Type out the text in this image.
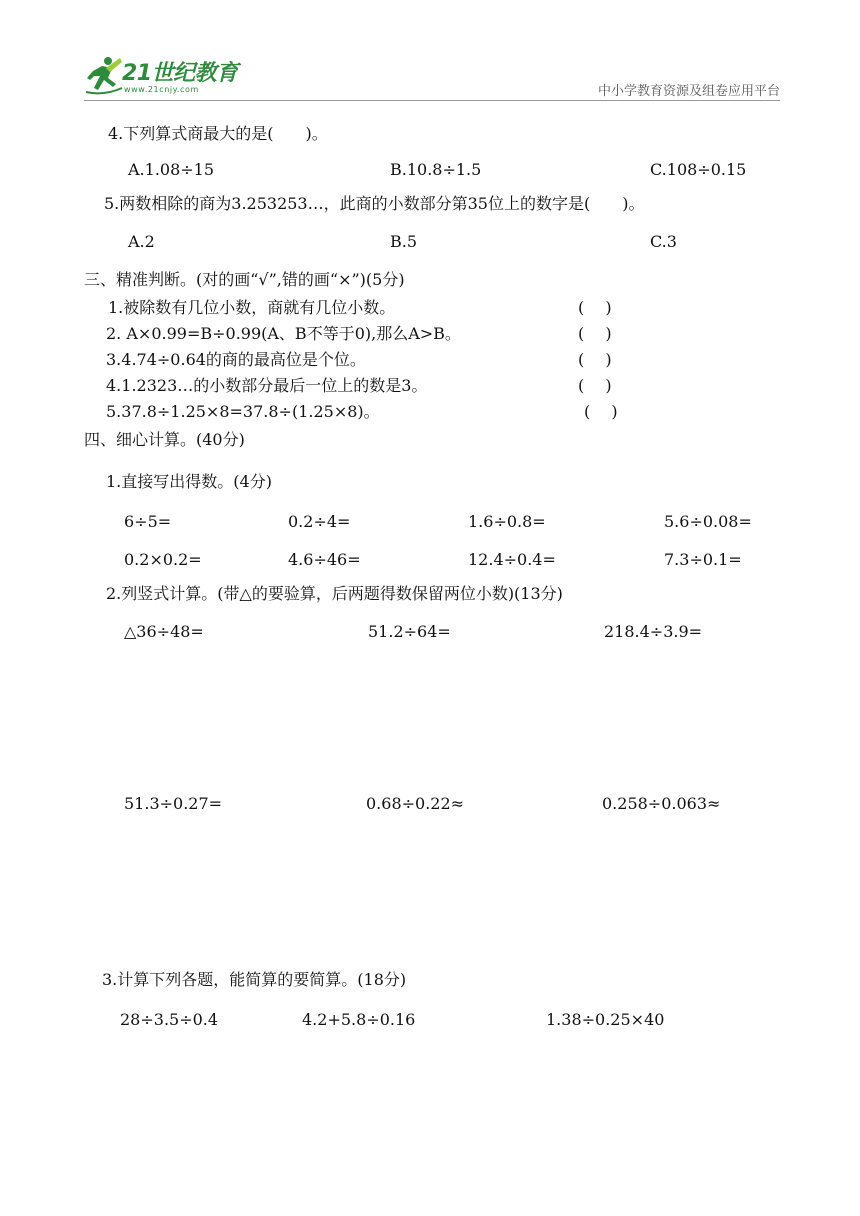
21世纪教育
www.21cnjy.com	中小学教育资源及组卷应用平台
4.下列算式商最大的是(　　)。
A.1.08÷15	B.10.8÷1.5	C.108÷0.15
5.两数相除的商为3.253253…，此商的小数部分第35位上的数字是(　　)。
A.2	B.5	C.3
三、精准判断。(对的画“√”,错的画“×”)(5分)
1.被除数有几位小数，商就有几位小数。	(　 )
2. A×0.99=B÷0.99(A、B不等于0),那么A>B。	(　 )
3.4.74÷0.64的商的最高位是个位。	(　 )
4.1.2323…的小数部分最后一位上的数是3。	(　 )
5.37.8÷1.25×8=37.8÷(1.25×8)。	(　 )
四、细心计算。(40分)
1.直接写出得数。(4分)
6÷5=	0.2÷4=	1.6÷0.8=	5.6÷0.08=
0.2×0.2=	4.6÷46=	12.4÷0.4=	7.3÷0.1=
2.列竖式计算。(带△的要验算，后两题得数保留两位小数)(13分)
△36÷48=	51.2÷64=	218.4÷3.9=
51.3÷0.27=	0.68÷0.22≈	0.258÷0.063≈
3.计算下列各题，能简算的要简算。(18分)
28÷3.5÷0.4	4.2+5.8÷0.16	1.38÷0.25×40
